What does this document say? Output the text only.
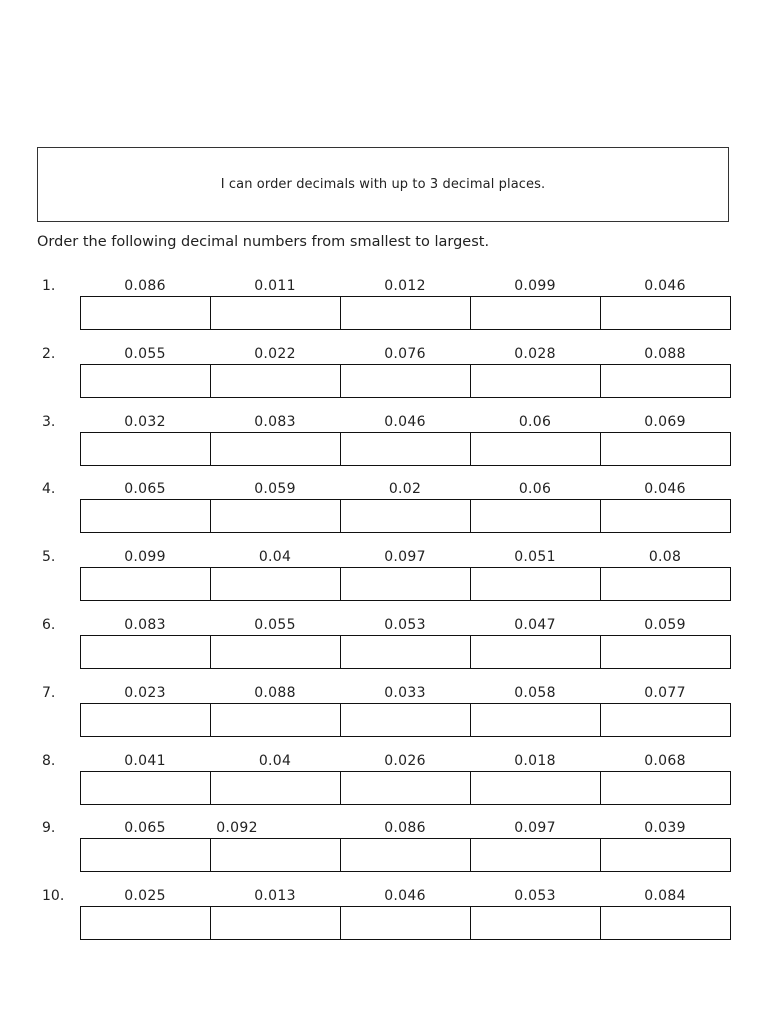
I can order decimals with up to 3 decimal places.
Order the following decimal numbers from smallest to largest.
1.	0.086	0.011	0.012	0.099	0.046
2.	0.055	0.022	0.076	0.028	0.088
3.	0.032	0.083	0.046	0.06	0.069
4.	0.065	0.059	0.02	0.06	0.046
5.	0.099	0.04	0.097	0.051	0.08
6.	0.083	0.055	0.053	0.047	0.059
7.	0.023	0.088	0.033	0.058	0.077
8.	0.041	0.04	0.026	0.018	0.068
9.	0.065	0.092	0.086	0.097	0.039
10.	0.025	0.013	0.046	0.053	0.084
